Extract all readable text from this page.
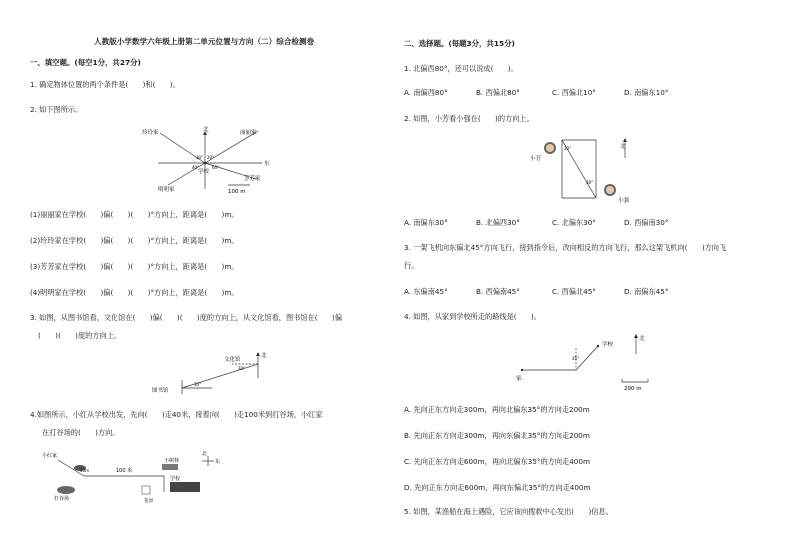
人教版小学数学六年级上册第二单元位置与方向（二）综合检测卷
一、填空题。(每空1分，共27分)
1. 确定物体位置的两个条件是(　　)和(　　)。
2. 如下图所示。
北
东
玲玲家	丽丽家
明明家
芳芳家
学校
100 m
30° 20°
40°	60°
(1)丽丽家在学校(　　)偏(　　)(　　)°方向上，距离是(　　)m。
(2)玲玲家在学校(　　)偏(　　)(　　)°方向上，距离是(　　)m。
(3)芳芳家在学校(　　)偏(　　)(　　)°方向上，距离是(　　)m。
(4)明明家在学校(　　)偏(　　)(　　)°方向上，距离是(　　)m。
3. 如图，从图书馆看，文化馆在(　　)偏(　　)(　　)度的方向上，从文化馆看，图书馆在(　　)偏
(　　)(　　)度的方向上。
北
文化馆
图书馆
30°
30°
4.如图所示，小红从学校出发，先向(　　)走40米，接着向(　　)走100米到打谷场，小红家
在打谷场的(　　)方向。
小红家
40m
打谷场
100 米
小树林
学校
花园
北
东
二、选择题。(每题3分，共15分)
1. 北偏西80°，还可以说成(　　)。
A. 南偏西80°	B. 西偏北80°	C. 西偏北10°	D. 南偏东10°
2. 如图，小芳看小强在(　　)的方向上。
小芳
小强
北
30°
30°
A. 南偏东30°	B. 北偏西30°	C. 北偏东30°	D. 西偏南30°
3. 一架飞机向东偏北45°方向飞行，接到指令后，改向相反的方向飞行，那么这架飞机向(　　)方向飞
行。
A. 东偏南45°	B. 西偏南45°	C. 西偏北45°	D. 南偏东45°
4. 如图，从家到学校所走的路线是(　　)。
家
学校
北
35°
200 m
A. 先向正东方向走300m，再向北偏东35°的方向走200m
B. 先向正东方向走300m，再向东偏北35°的方向走200m
C. 先向正东方向走600m，再向北偏东35°的方向走400m
D. 先向正东方向走600m，再向东偏北35°的方向走400m
5. 如图，某渔船在海上遇险，它应该向搜救中心发出(　　)信息。
